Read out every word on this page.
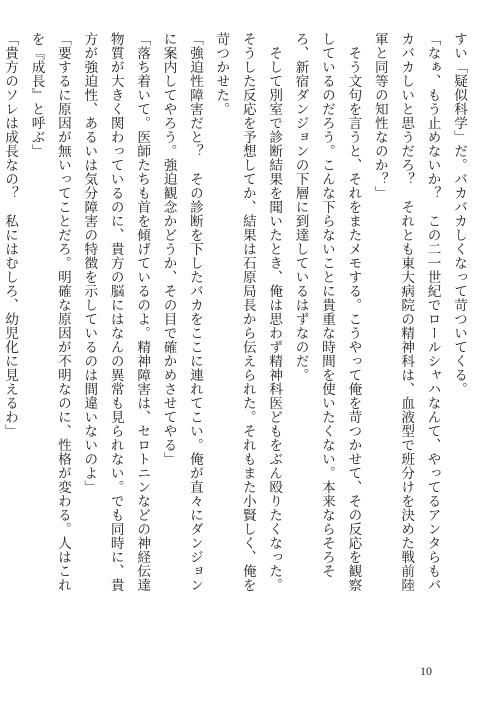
すい「疑似科学」だ。バカバカしくなって苛ついてくる。
「なぁ、もう止めないか？　この二一世紀でロールシャハなんて、やってるアンタらもバカバカしいと思うだろ？　それとも東大病院の精神科は、血液型で班分けを決めた戦前陸軍と同等の知性なのか？」
　そう文句を言うと、それをまたメモする。こうやって俺を苛つかせて、その反応を観察しているのだろう。こんな下らないことに貴重な時間を使いたくない。本来ならそろそろ、新宿ダンジョンの下層に到達しているはずなのだ。
　そして別室で診断結果を聞いたとき、俺は思わず精神科医どもをぶん殴りたくなった。そうした反応を予想してか、結果は石原局長から伝えられた。それもまた小賢しく、俺を苛つかせた。
「強迫性障害だと？　その診断を下したバカをここに連れてこい。俺が直々にダンジョンに案内してやろう。強迫観念かどうか、その目で確かめさせてやる」
「落ち着いて。医師たちも首を傾げているのよ。精神障害は、セロトニンなどの神経伝達物質が大きく関わっているのに、貴方の脳にはなんの異常も見られない。でも同時に、貴方が強迫性、あるいは気分障害の特徴を示しているのは間違いないのよ」
「要するに原因が無いってことだろ。明確な原因が不明なのに、性格が変わる。人はこれを『成長』と呼ぶ」
「貴方のソレは成長なの？　私にはむしろ、幼児化に見えるわ」
10
